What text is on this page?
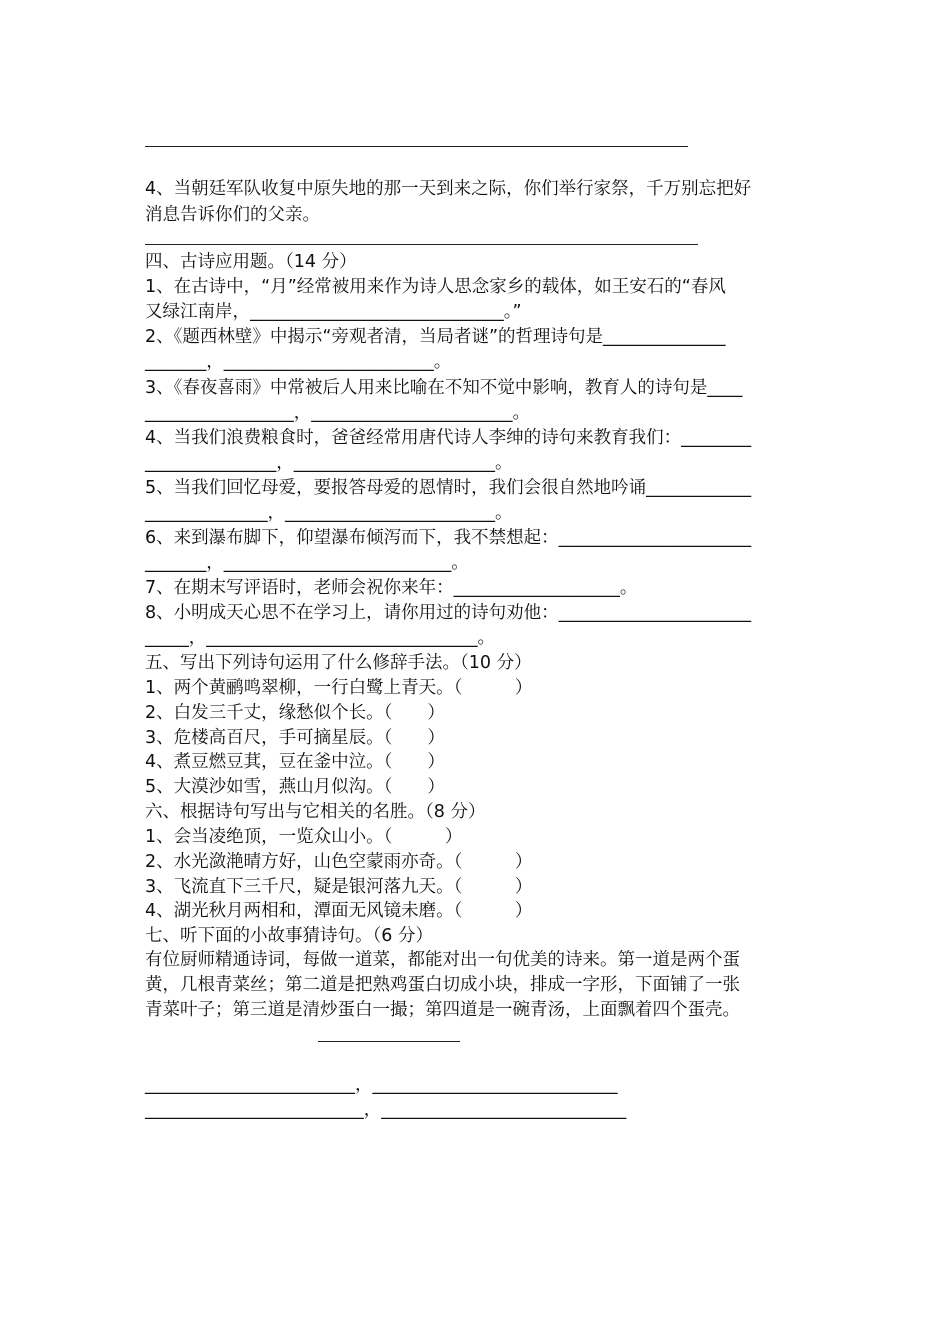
4、当朝廷军队收复中原失地的那一天到来之际，你们举行家祭，千万别忘把好
消息告诉你们的父亲。
四、古诗应用题。（14 分）
1、在古诗中，“月”经常被用来作为诗人思念家乡的载体，如王安石的“春风
又绿江南岸，_____________________________。”
2、《题西林壁》中揭示“旁观者清，当局者谜”的哲理诗句是______________
_______，________________________。
3、《春夜喜雨》中常被后人用来比喻在不知不觉中影响，教育人的诗句是____
_________________，_______________________。
4、当我们浪费粮食时，爸爸经常用唐代诗人李绅的诗句来教育我们：________
_______________，_______________________。
5、当我们回忆母爱，要报答母爱的恩情时，我们会很自然地吟诵____________
______________，________________________。
6、来到瀑布脚下，仰望瀑布倾泻而下，我不禁想起：______________________
_______，__________________________。
7、在期末写评语时，老师会祝你来年：___________________。
8、小明成天心思不在学习上，请你用过的诗句劝他：______________________
_____，_______________________________。
五、写出下列诗句运用了什么修辞手法。（10 分）
1、两个黄鹂鸣翠柳，一行白鹭上青天。（　　　）
2、白发三千丈，缘愁似个长。（　　）
3、危楼高百尺，手可摘星辰。（　　）
4、煮豆燃豆萁，豆在釜中泣。（　　）
5、大漠沙如雪，燕山月似沟。（　　）
六、根据诗句写出与它相关的名胜。（8 分）
1、会当凌绝顶，一览众山小。（　　　）
2、水光潋滟晴方好，山色空蒙雨亦奇。（　　　）
3、飞流直下三千尺，疑是银河落九天。（　　　）
4、湖光秋月两相和，潭面无风镜未磨。（　　　）
七、听下面的小故事猜诗句。（6 分）
有位厨师精通诗词，每做一道菜，都能对出一句优美的诗来。第一道是两个蛋
黄，几根青菜丝；第二道是把熟鸡蛋白切成小块，排成一字形，下面铺了一张
青菜叶子；第三道是清炒蛋白一撮；第四道是一碗青汤，上面飘着四个蛋壳。
________________________，____________________________
_________________________，____________________________
